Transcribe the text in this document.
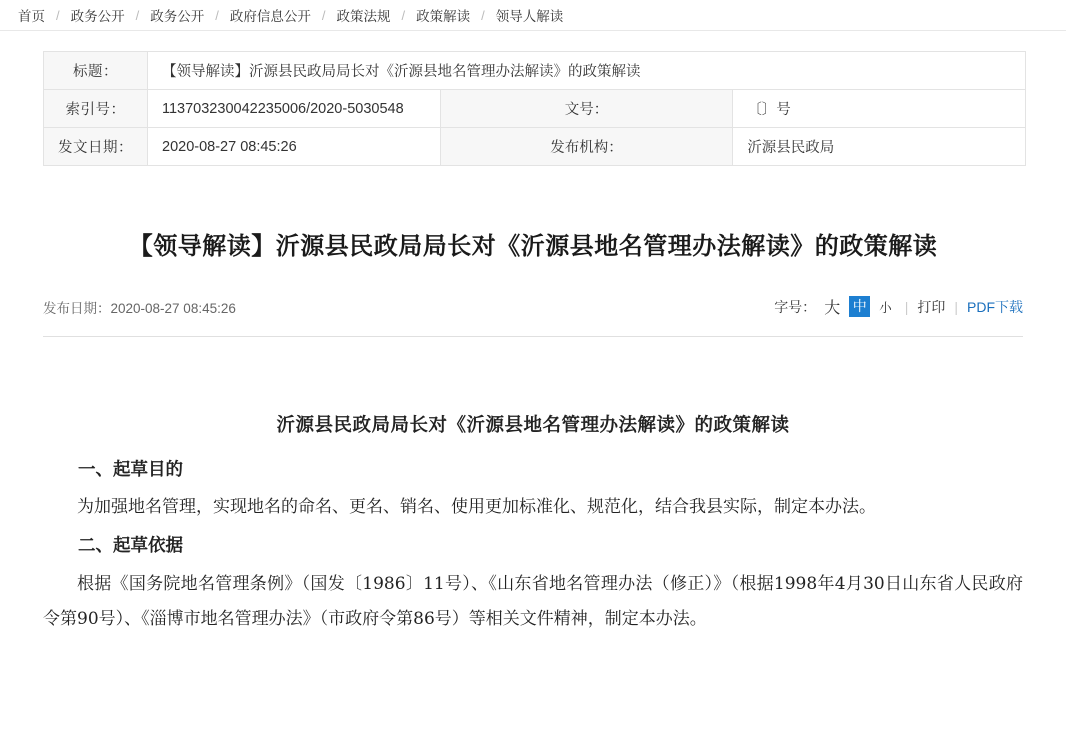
首页 / 政务公开 / 政务公开 / 政府信息公开 / 政策法规 / 政策解读 / 领导人解读
标题：	【领导解读】沂源县民政局局长对《沂源县地名管理办法解读》的政策解读		
索引号：	113703230042235006/2020-5030548	文号：	〔〕号
发文日期：	2020-08-27 08:45:26	发布机构：	沂源县民政局
【领导解读】沂源县民政局局长对《沂源县地名管理办法解读》的政策解读
发布日期：2020-08-27 08:45:26	字号： 大 中 小 | 打印 | PDF下载
沂源县民政局局长对《沂源县地名管理办法解读》的政策解读
一、起草目的

为加强地名管理，实现地名的命名、更名、销名、使用更加标准化、规范化，结合我县实际，制定本办法。

二、起草依据

根据《国务院地名管理条例》（国发〔1986〕11号）、《山东省地名管理办法（修正）》（根据1998年4月30日山东省人民政府令第90号）、《淄博市地名管理办法》（市政府令第86号）等相关文件精神，制定本办法。
